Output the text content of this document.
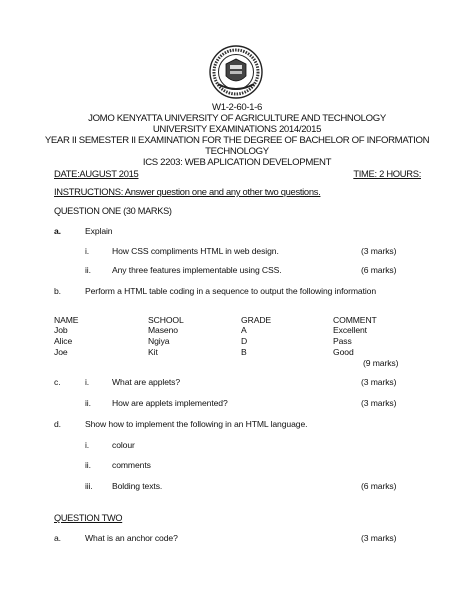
W1-2-60-1-6
JOMO KENYATTA UNIVERSITY OF AGRICULTURE AND TECHNOLOGY
UNIVERSITY EXAMINATIONS 2014/2015
YEAR II SEMESTER II EXAMINATION FOR THE DEGREE OF BACHELOR OF INFORMATION
TECHNOLOGY
ICS 2203: WEB APLICATION DEVELOPMENT
DATE:AUGUST 2015	TIME: 2 HOURS:
INSTRUCTIONS: Answer question one and any other two questions.
QUESTION ONE (30 MARKS)
a.	Explain
i.	How CSS compliments HTML in web design.	(3 marks)
ii. Any three features implementable using CSS.	(6 marks)
b.	Perform a HTML table coding in a sequence to output the following information
NAME	SCHOOL	GRADE	COMMENT
Job	Maseno	A	Excellent
Alice	Ngiya	D	Pass
Joe	Kit	B	Good
(9 marks)
c.	i.	What are applets?	(3 marks)
ii. How are applets implemented?	(3 marks)
d.	Show how to implement the following in an HTML language.
i.	colour
ii. comments
iii. Bolding texts.	(6 marks)
QUESTION TWO
a.	What is an anchor code?	(3 marks)
